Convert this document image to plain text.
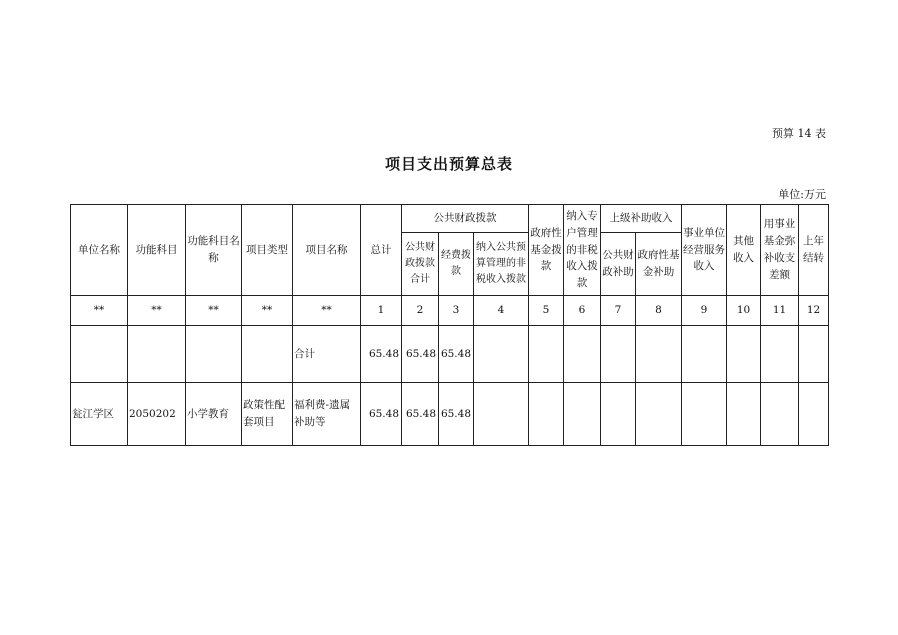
预算 14 表
项目支出预算总表
单位:万元
单位名称	功能科目	功能科目名称	项目类型	项目名称	总计	公共财政拨款			政府性基金拨款	纳入专户管理的非税收入拨款	上级补助收入		事业单位经营服务收入	其他收入	用事业基金弥补收支差额	上年结转
						公共财政拨款合计	经费拨款	纳入公共预算管理的非税收入拨款			公共财政补助	政府性基金补助				
**	**	**	**	**	1	2	3	4	5	6	7	8	9	10	11	12
				合计	65.48	65.48	65.48									
瓮江学区	2050202	小学教育	政策性配套项目	福利费-遗属补助等	65.48	65.48	65.48									
